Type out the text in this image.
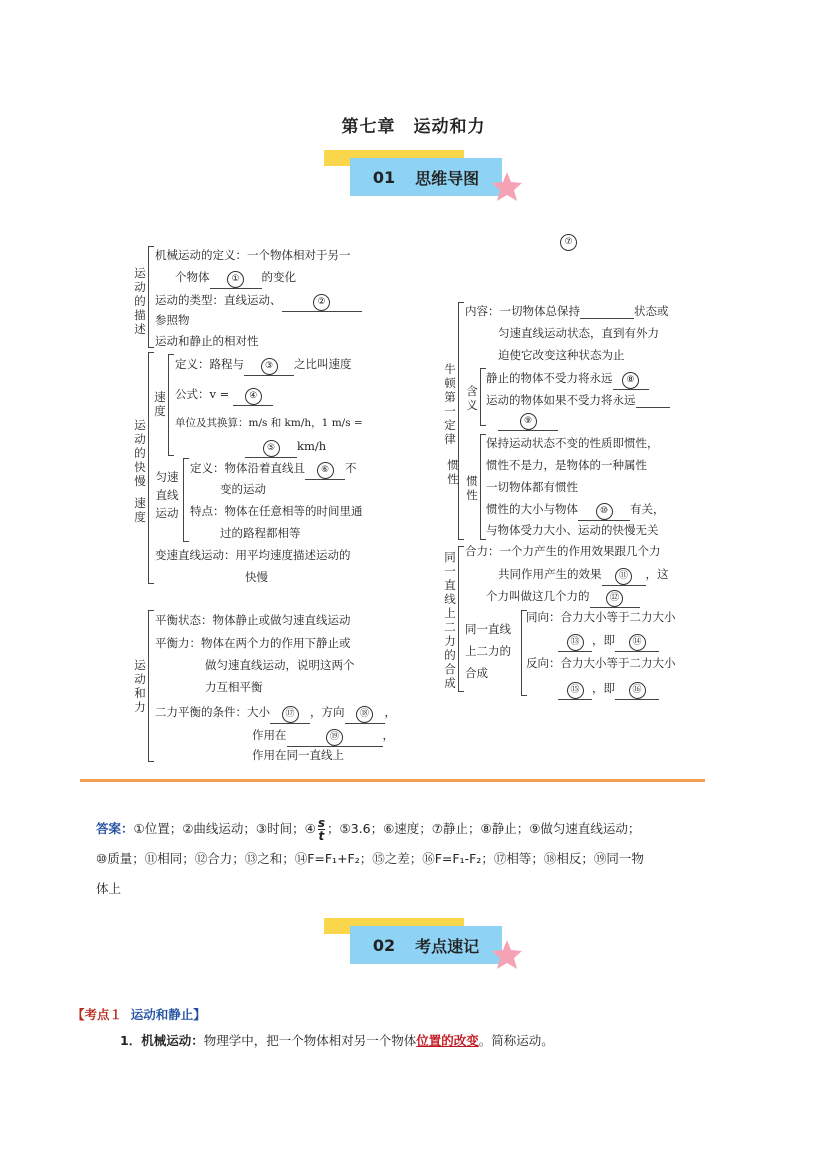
第七章　运动和力
01 思维导图
⑦
运动的描述
机械运动的定义：一个物体相对于另一
个物体 ① 的变化
运动的类型：直线运动、	②
参照物
运动和静止的相对性
运动的快慢
速度
速度
定义：路程与 ③ 之比叫速度
公式：v = ④
单位及其换算：m/s 和 km/h，1 m/s =
⑤ km/h
匀速直线运动
定义：物体沿着直线且 ⑥ 不
变的运动
特点：物体在任意相等的时间里通
过的路程都相等
变速直线运动：用平均速度描述运动的
快慢
运动和力
平衡状态：物体静止或做匀速直线运动
平衡力：物体在两个力的作用下静止或
做匀速直线运动，说明这两个
力互相平衡
二力平衡的条件：大小 ⑰ ，方向 ⑱ ，
作用在	⑲	，
作用在同一直线上
牛顿第一定律
内容：一切物体总保持	状态或
匀速直线运动状态，直到有外力
迫使它改变这种状态为止
含义
静止的物体不受力将永远 ⑧
运动的物体如果不受力将永远
⑨
惯性 惯性
保持运动状态不变的性质即惯性，
惯性不是力，是物体的一种属性
一切物体都有惯性
惯性的大小与物体 ⑩ 有关，
与物体受力大小、运动的快慢无关
同一直线上二力的合成
合力：一个力产生的作用效果跟几个力
共同作用产生的效果 ⑪ ，这
个力叫做这几个力的 ⑫
同一直线上二力的合成
同向：合力大小等于二力大小
⑬ ，即 ⑭
反向：合力大小等于二力大小
⑮ ，即 ⑯
答案：①位置；②曲线运动；③时间；④ $\frac{s}{t}$ ；⑤3.6；⑥速度；⑦静止；⑧静止；⑨做匀速直线运动；
⑩质量；⑪相同；⑫合力；⑬之和；⑭F=F₁+F₂；⑮之差；⑯F=F₁-F₂；⑰相等；⑱相反；⑲同一物
体上
02 考点速记
【考点１ 运动和静止】
1．机械运动：物理学中，把一个物体相对另一个物体位置的改变。简称运动。
